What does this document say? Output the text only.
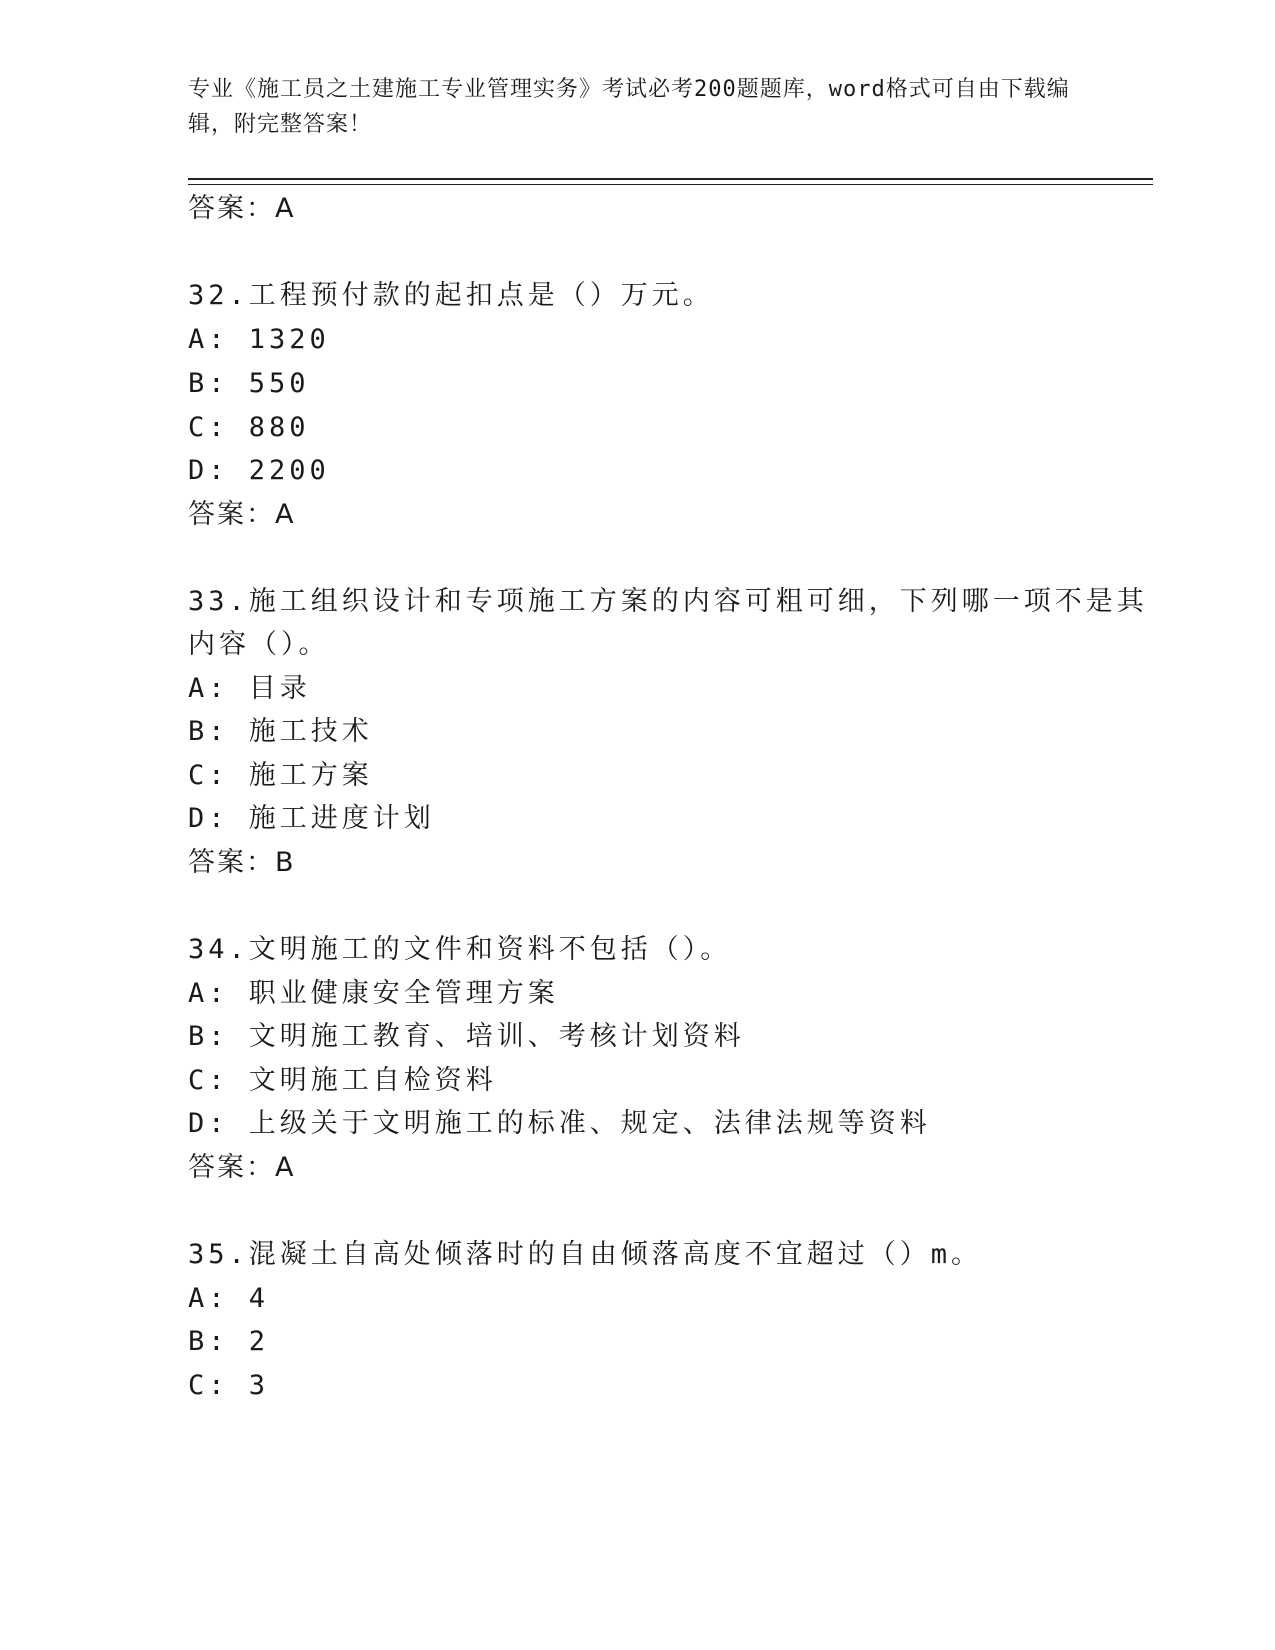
专业《施工员之土建施工专业管理实务》考试必考200题题库，word格式可自由下载编辑，附完整答案！
答案：A
32.工程预付款的起扣点是（）万元。
A: 1320
B: 550
C: 880
D: 2200
答案：A
33.施工组织设计和专项施工方案的内容可粗可细，下列哪一项不是其
内容（）。
A: 目录
B: 施工技术
C: 施工方案
D: 施工进度计划
答案：B
34.文明施工的文件和资料不包括（）。
A: 职业健康安全管理方案
B: 文明施工教育、培训、考核计划资料
C: 文明施工自检资料
D: 上级关于文明施工的标准、规定、法律法规等资料
答案：A
35.混凝土自高处倾落时的自由倾落高度不宜超过（）m。
A: 4
B: 2
C: 3
